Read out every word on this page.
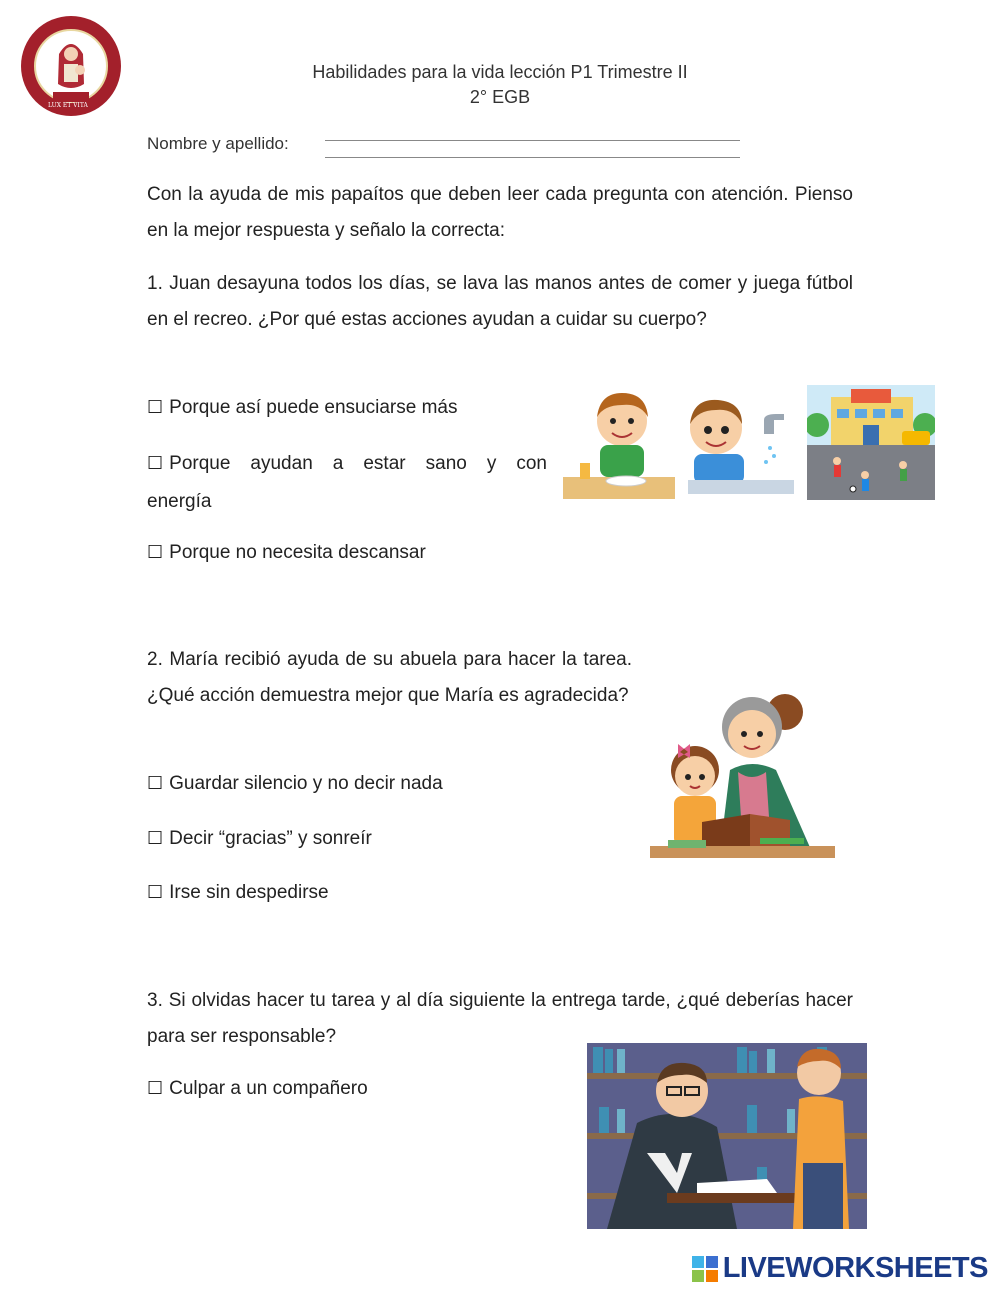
LUX ET VITA
Habilidades para la vida lección P1 Trimestre II
2° EGB
Nombre y apellido:
Con la ayuda de mis papaítos que deben leer cada pregunta con atención. Pienso en la mejor respuesta y señalo la correcta:
1. Juan desayuna todos los días, se lava las manos antes de comer y juega fútbol en el recreo. ¿Por qué estas acciones ayudan a cuidar su cuerpo?
☐ Porque así puede ensuciarse más
☐ Porque ayudan a estar sano y con energía
☐ Porque no necesita descansar
2. María recibió ayuda de su abuela para hacer la tarea. ¿Qué acción demuestra mejor que María es agradecida?
☐ Guardar silencio y no decir nada
☐ Decir “gracias” y sonreír
☐ Irse sin despedirse
3. Si olvidas hacer tu tarea y al día siguiente la entrega tarde, ¿qué deberías hacer para ser responsable?
☐ Culpar a un compañero
LIVEWORKSHEETS
